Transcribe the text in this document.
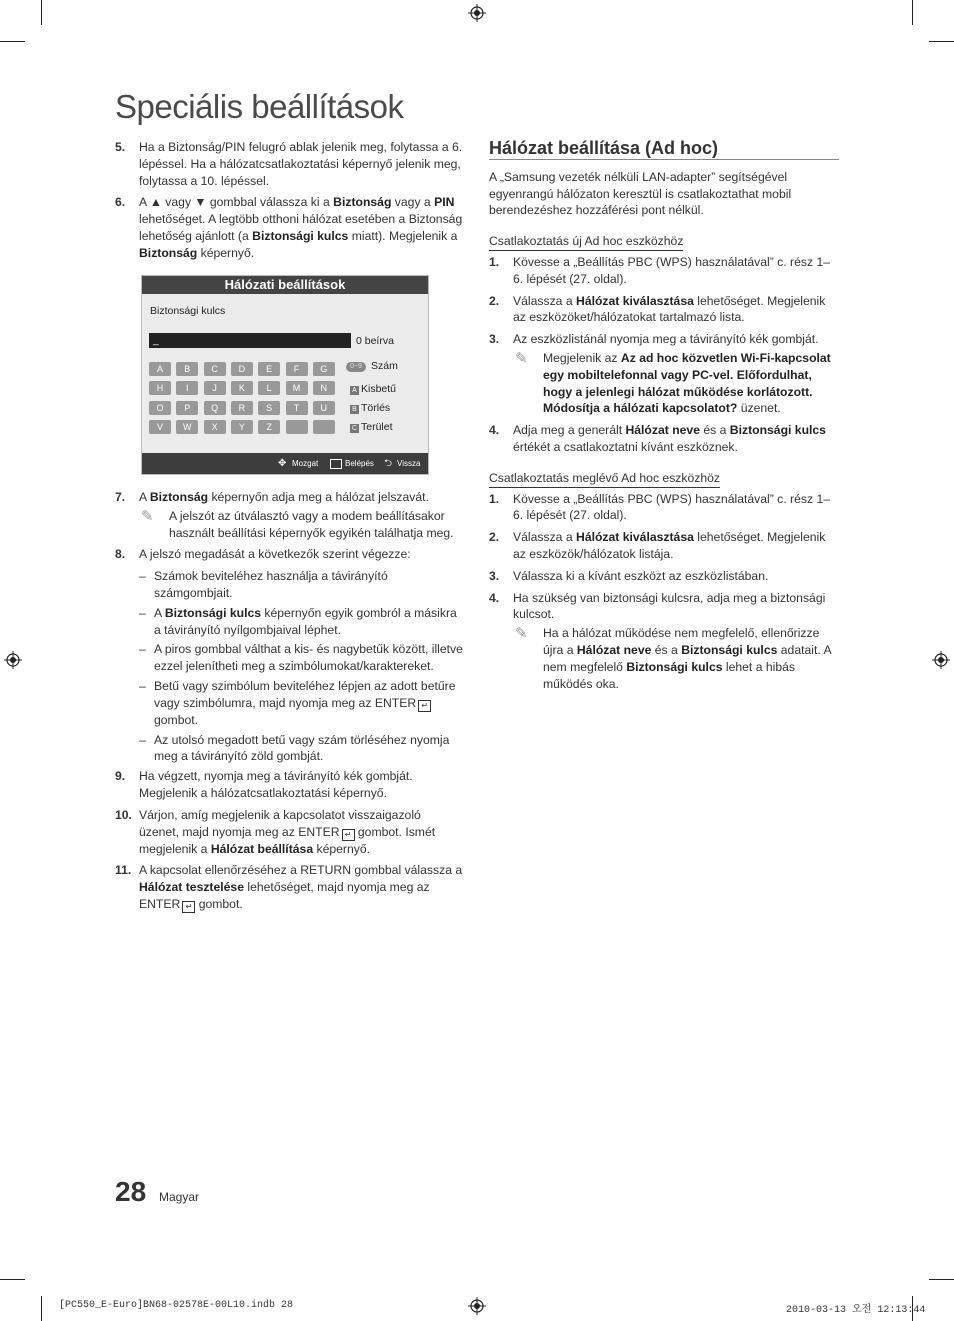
Speciális beállítások
5. Ha a Biztonság/PIN felugró ablak jelenik meg, folytassa a 6. lépéssel. Ha a hálózatcsatlakoztatási képernyő jelenik meg, folytassa a 10. lépéssel.
6. A ▲ vagy ▼ gombbal válassza ki a Biztonság vagy a PIN lehetőséget. A legtöbb otthoni hálózat esetében a Biztonság lehetőség ajánlott (a Biztonsági kulcs miatt). Megjelenik a Biztonság képernyő.
Hálózati beállítások
Biztonsági kulcs
_	0 beírva
A	B	C	D	E	F	G
H	I	J	K	L	M	N
O	P	Q	R	S	T	U
V	W	X	Y	Z
0~9 Szám
A Kisbetű
B Törlés
C Terület
✥ Mozgat	Belépés ⮌ Vissza
7. A Biztonság képernyőn adja meg a hálózat jelszavát.
✎ A jelszót az útválasztó vagy a modem beállításakor használt beállítási képernyők egyikén találhatja meg.
8. A jelszó megadását a következők szerint végezze:
– Számok beviteléhez használja a távirányító számgombjait.
– A Biztonsági kulcs képernyőn egyik gombról a másikra a távirányító nyílgombjaival léphet.
– A piros gombbal válthat a kis- és nagybetűk között, illetve ezzel jelenítheti meg a szimbólumokat/karaktereket.
– Betű vagy szimbólum beviteléhez lépjen az adott betűre vagy szimbólumra, majd nyomja meg az ENTER ↵
gombot.
– Az utolsó megadott betű vagy szám törléséhez nyomja meg a távirányító zöld gombját.
9. Ha végzett, nyomja meg a távirányító kék gombját. Megjelenik a hálózatcsatlakoztatási képernyő.
10. Várjon, amíg megjelenik a kapcsolatot visszaigazoló üzenet, majd nyomja meg az ENTER ↵ gombot. Ismét megjelenik a Hálózat beállítása képernyő.
11. A kapcsolat ellenőrzéséhez a RETURN gombbal válassza a Hálózat tesztelése lehetőséget, majd nyomja meg az ENTER ↵ gombot.
Hálózat beállítása (Ad hoc)

A „Samsung vezeték nélküli LAN-adapter” segítségével egyenrangú hálózaton keresztül is csatlakoztathat mobil berendezéshez hozzáférési pont nélkül.

Csatlakoztatás új Ad hoc eszközhöz
1. Kövesse a „Beállítás PBC (WPS) használatával” c. rész 1–6. lépését (27. oldal).
2. Válassza a Hálózat kiválasztása lehetőséget. Megjelenik az eszközöket/hálózatokat tartalmazó lista.
3. Az eszközlistánál nyomja meg a távirányító kék gombját.
✎ Megjelenik az Az ad hoc közvetlen Wi-Fi-kapcsolat egy mobiltelefonnal vagy PC-vel. Előfordulhat, hogy a jelenlegi hálózat működése korlátozott. Módosítja a hálózati kapcsolatot? üzenet.
4. Adja meg a generált Hálózat neve és a Biztonsági kulcs értékét a csatlakoztatni kívánt eszköznek.
Csatlakoztatás meglévő Ad hoc eszközhöz
1. Kövesse a „Beállítás PBC (WPS) használatával” c. rész 1–6. lépését (27. oldal).
2. Válassza a Hálózat kiválasztása lehetőséget. Megjelenik az eszközök/hálózatok listája.
3. Válassza ki a kívánt eszközt az eszközlistában.
4. Ha szükség van biztonsági kulcsra, adja meg a biztonsági kulcsot.
✎ Ha a hálózat működése nem megfelelő, ellenőrizze újra a Hálózat neve és a Biztonsági kulcs adatait. A nem megfelelő Biztonsági kulcs lehet a hibás működés oka.
28 Magyar
[PC550_E-Euro]BN68-02578E-00L10.indb 28	2010-03-13 오전 12:13:44
